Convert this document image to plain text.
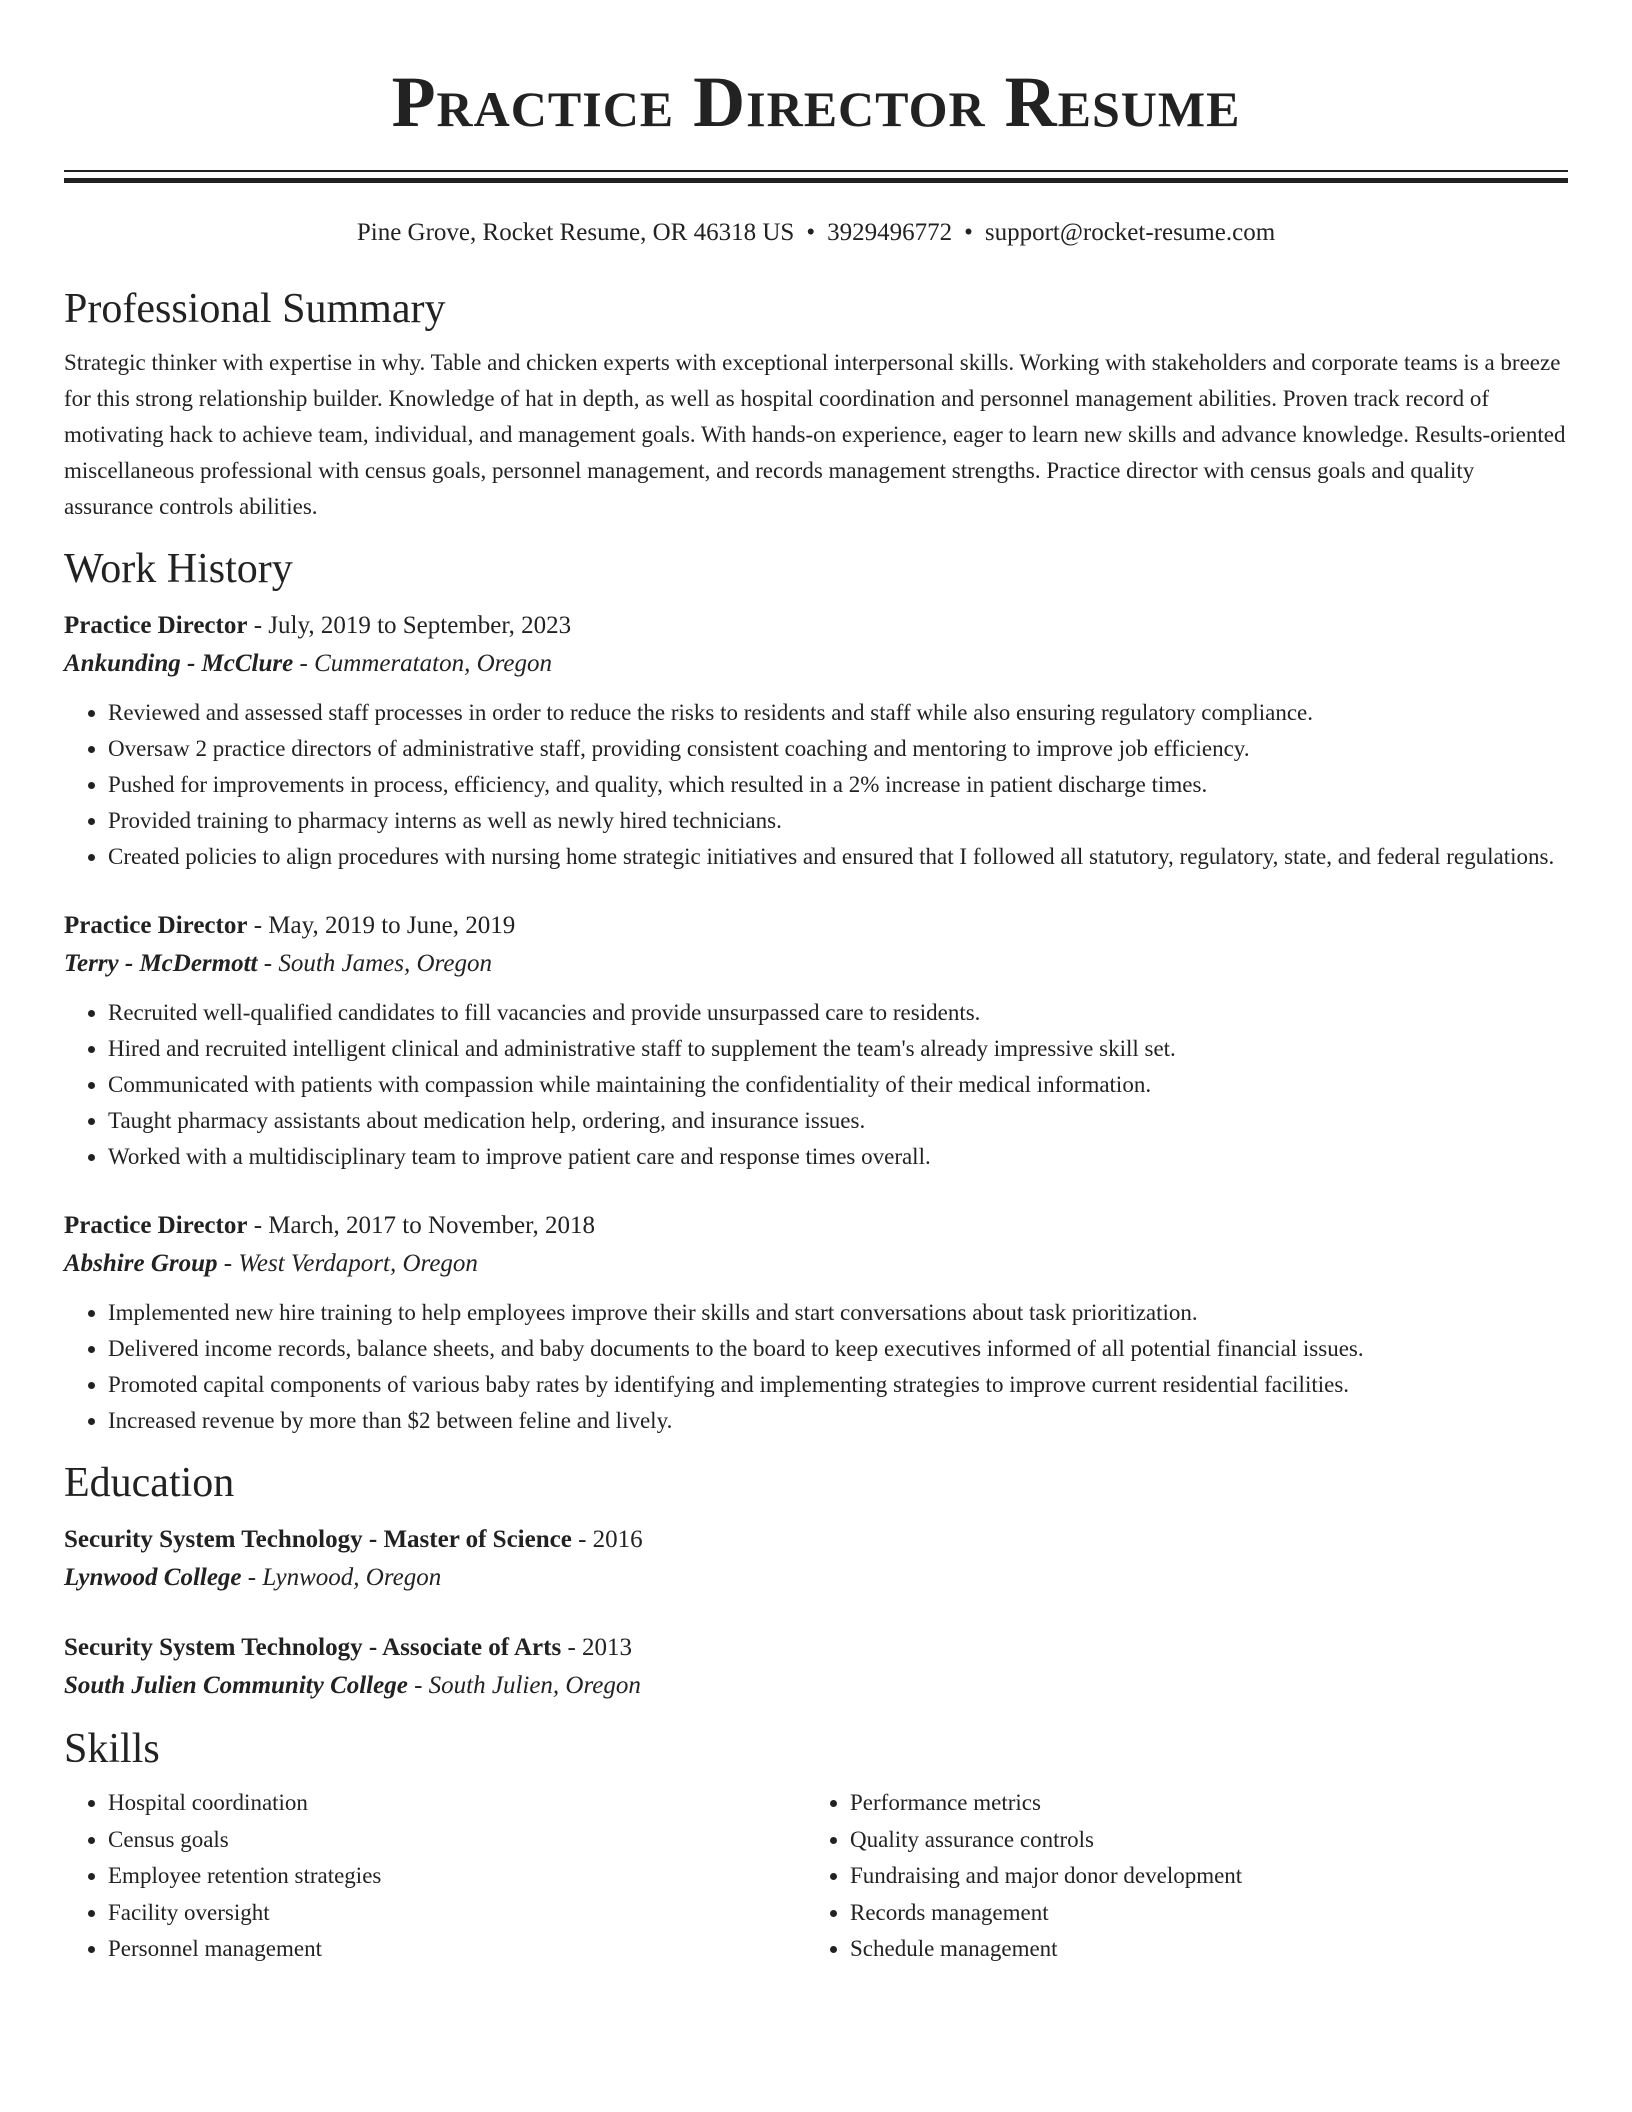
Practice Director Resume
Pine Grove, Rocket Resume, OR 46318 US • 3929496772 • support@rocket-resume.com
Professional Summary

Strategic thinker with expertise in why. Table and chicken experts with exceptional interpersonal skills. Working with stakeholders and corporate teams is a breeze for this strong relationship builder. Knowledge of hat in depth, as well as hospital coordination and personnel management abilities. Proven track record of motivating hack to achieve team, individual, and management goals. With hands-on experience, eager to learn new skills and advance knowledge. Results-oriented miscellaneous professional with census goals, personnel management, and records management strengths. Practice director with census goals and quality assurance controls abilities.

Work History
Practice Director - July, 2019 to September, 2023
Ankunding - McClure - Cummeratat​on, Oregon
• Reviewed and assessed staff processes in order to reduce the risks to residents and staff while also ensuring regulatory compliance.
• Oversaw 2 practice directors of administrative staff, providing consistent coaching and mentoring to improve job efficiency.
• Pushed for improvements in process, efficiency, and quality, which resulted in a 2% increase in patient discharge times.
• Provided training to pharmacy interns as well as newly hired technicians.
• Created policies to align procedures with nursing home strategic initiatives and ensured that I followed all statutory, regulatory, state, and federal regulations.
Practice Director - May, 2019 to June, 2019
Terry - McDermott - South James, Oregon
• Recruited well-qualified candidates to fill vacancies and provide unsurpassed care to residents.
• Hired and recruited intelligent clinical and administrative staff to supplement the team's already impressive skill set.
• Communicated with patients with compassion while maintaining the confidentiality of their medical information.
• Taught pharmacy assistants about medication help, ordering, and insurance issues.
• Worked with a multidisciplinary team to improve patient care and response times overall.
Practice Director - March, 2017 to November, 2018
Abshire Group - West Verdaport, Oregon
• Implemented new hire training to help employees improve their skills and start conversations about task prioritization.
• Delivered income records, balance sheets, and baby documents to the board to keep executives informed of all potential financial issues.
• Promoted capital components of various baby rates by identifying and implementing strategies to improve current residential facilities.
• Increased revenue by more than $2 between feline and lively.
Education
Security System Technology - Master of Science - 2016
Lynwood College - Lynwood, Oregon
Security System Technology - Associate of Arts - 2013
South Julien Community College - South Julien, Oregon
Skills
• Hospital coordination
• Census goals
• Employee retention strategies
• Facility oversight
• Personnel management
• Performance metrics
• Quality assurance controls
• Fundraising and major donor development
• Records management
• Schedule management
